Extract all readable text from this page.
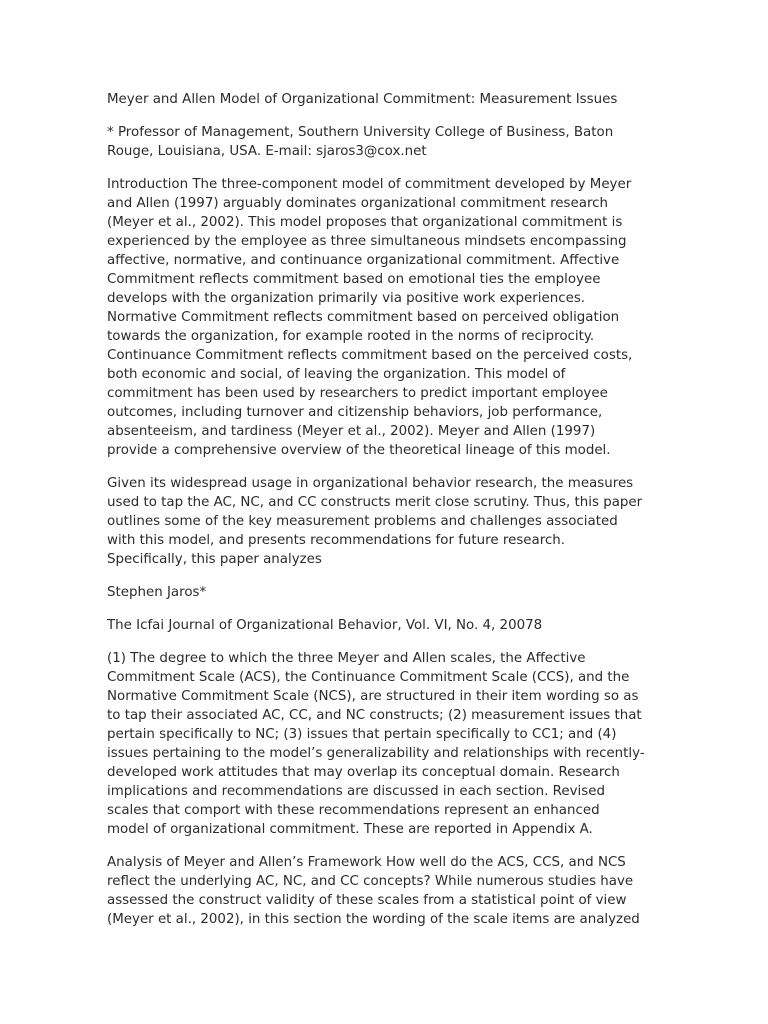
Meyer and Allen Model of Organizational Commitment: Measurement Issues

* Professor of Management, Southern University College of Business, Baton
Rouge, Louisiana, USA. E-mail: sjaros3@cox.net

Introduction The three-component model of commitment developed by Meyer
and Allen (1997) arguably dominates organizational commitment research
(Meyer et al., 2002). This model proposes that organizational commitment is
experienced by the employee as three simultaneous mindsets encompassing
affective, normative, and continuance organizational commitment. Affective
Commitment reflects commitment based on emotional ties the employee
develops with the organization primarily via positive work experiences.
Normative Commitment reflects commitment based on perceived obligation
towards the organization, for example rooted in the norms of reciprocity.
Continuance Commitment reflects commitment based on the perceived costs,
both economic and social, of leaving the organization. This model of
commitment has been used by researchers to predict important employee
outcomes, including turnover and citizenship behaviors, job performance,
absenteeism, and tardiness (Meyer et al., 2002). Meyer and Allen (1997)
provide a comprehensive overview of the theoretical lineage of this model.

Given its widespread usage in organizational behavior research, the measures
used to tap the AC, NC, and CC constructs merit close scrutiny. Thus, this paper
outlines some of the key measurement problems and challenges associated
with this model, and presents recommendations for future research.
Specifically, this paper analyzes

Stephen Jaros*

The Icfai Journal of Organizational Behavior, Vol. VI, No. 4, 20078

(1) The degree to which the three Meyer and Allen scales, the Affective
Commitment Scale (ACS), the Continuance Commitment Scale (CCS), and the
Normative Commitment Scale (NCS), are structured in their item wording so as
to tap their associated AC, CC, and NC constructs; (2) measurement issues that
pertain specifically to NC; (3) issues that pertain specifically to CC1; and (4)
issues pertaining to the model’s generalizability and relationships with recently-
developed work attitudes that may overlap its conceptual domain. Research
implications and recommendations are discussed in each section. Revised
scales that comport with these recommendations represent an enhanced
model of organizational commitment. These are reported in Appendix A.

Analysis of Meyer and Allen’s Framework How well do the ACS, CCS, and NCS
reflect the underlying AC, NC, and CC concepts? While numerous studies have
assessed the construct validity of these scales from a statistical point of view
(Meyer et al., 2002), in this section the wording of the scale items are analyzed
